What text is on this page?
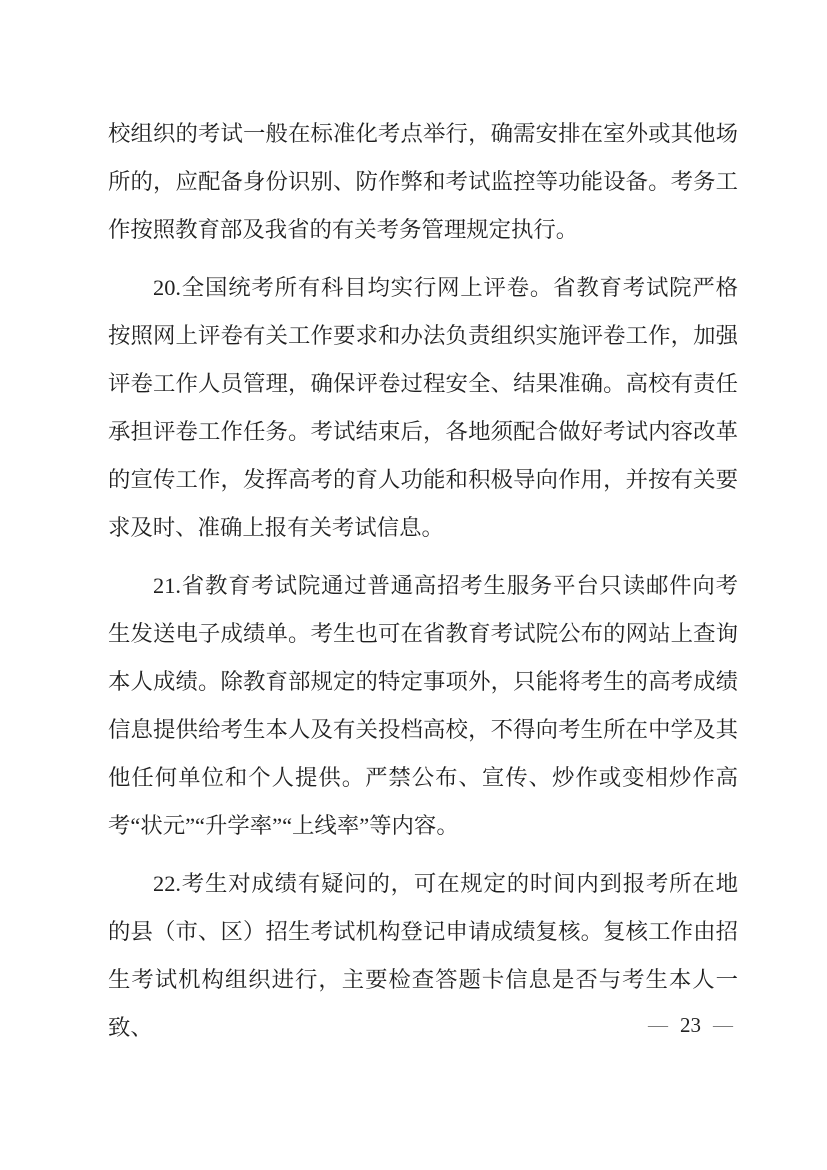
校组织的考试一般在标准化考点举行，确需安排在室外或其他场所的，应配备身份识别、防作弊和考试监控等功能设备。考务工作按照教育部及我省的有关考务管理规定执行。

20.全国统考所有科目均实行网上评卷。省教育考试院严格按照网上评卷有关工作要求和办法负责组织实施评卷工作，加强评卷工作人员管理，确保评卷过程安全、结果准确。高校有责任承担评卷工作任务。考试结束后，各地须配合做好考试内容改革的宣传工作，发挥高考的育人功能和积极导向作用，并按有关要求及时、准确上报有关考试信息。

21.省教育考试院通过普通高招考生服务平台只读邮件向考生发送电子成绩单。考生也可在省教育考试院公布的网站上查询本人成绩。除教育部规定的特定事项外，只能将考生的高考成绩信息提供给考生本人及有关投档高校，不得向考生所在中学及其他任何单位和个人提供。严禁公布、宣传、炒作或变相炒作高考“状元”“升学率”“上线率”等内容。

22.考生对成绩有疑问的，可在规定的时间内到报考所在地的县（市、区）招生考试机构登记申请成绩复核。复核工作由招生考试机构组织进行，主要检查答题卡信息是否与考生本人一致、	— 23 —
